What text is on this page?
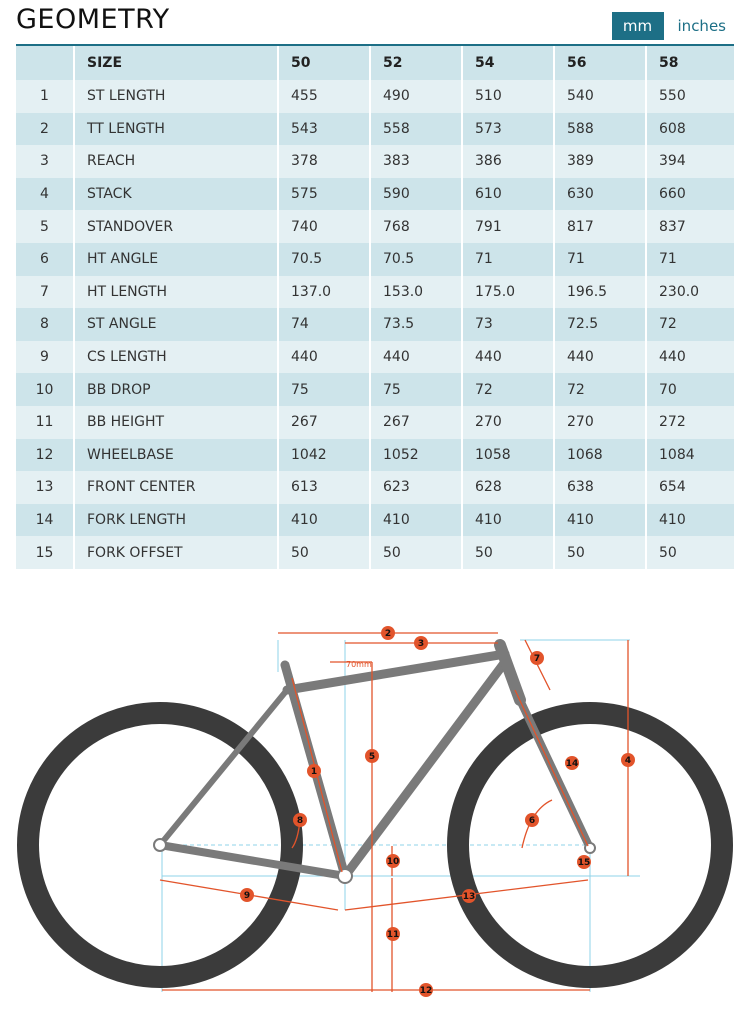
GEOMETRY	mm	inches
	SIZE	50	52	54	56	58
1	ST LENGTH	455	490	510	540	550
2	TT LENGTH	543	558	573	588	608
3	REACH	378	383	386	389	394
4	STACK	575	590	610	630	660
5	STANDOVER	740	768	791	817	837
6	HT ANGLE	70.5	70.5	71	71	71
7	HT LENGTH	137.0	153.0	175.0	196.5	230.0
8	ST ANGLE	74	73.5	73	72.5	72
9	CS LENGTH	440	440	440	440	440
10	BB DROP	75	75	72	72	70
11	BB HEIGHT	267	267	270	270	272
12	WHEELBASE	1042	1052	1058	1068	1084
13	FRONT CENTER	613	623	628	638	654
14	FORK LENGTH	410	410	410	410	410
15	FORK OFFSET	50	50	50	50	50
70mm
1
2
3
4
5
6
7
8
9
10
11
12
13
14
15
